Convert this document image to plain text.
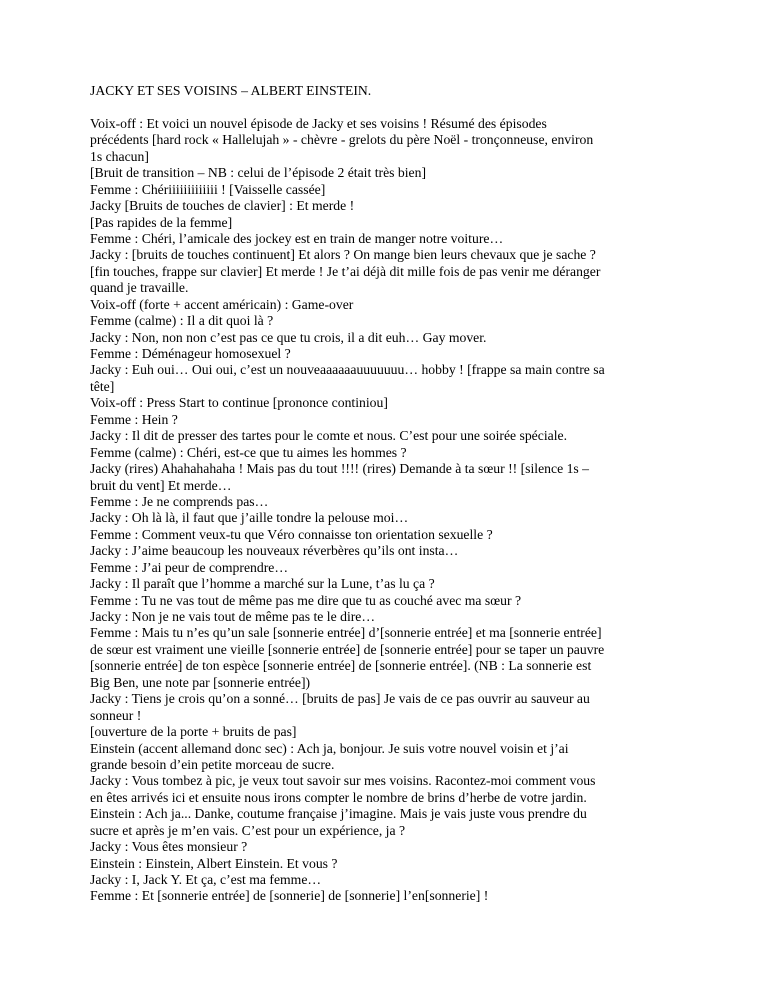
JACKY ET SES VOISINS – ALBERT EINSTEIN.
Voix-off : Et voici un nouvel épisode de Jacky et ses voisins ! Résumé des épisodes
précédents [hard rock « Hallelujah » - chèvre - grelots du père Noël - tronçonneuse, environ
1s chacun]
[Bruit de transition – NB : celui de l’épisode 2 était très bien]
Femme : Chériiiiiiiiiiiii ! [Vaisselle cassée]
Jacky [Bruits de touches de clavier] : Et merde !
[Pas rapides de la femme]
Femme : Chéri, l’amicale des jockey est en train de manger notre voiture…
Jacky : [bruits de touches continuent] Et alors ? On mange bien leurs chevaux que je sache ?
[fin touches, frappe sur clavier] Et merde ! Je t’ai déjà dit mille fois de pas venir me déranger
quand je travaille.
Voix-off (forte + accent américain) : Game-over
Femme (calme) : Il a dit quoi là ?
Jacky : Non, non non c’est pas ce que tu crois, il a dit euh… Gay mover.
Femme : Déménageur homosexuel ?
Jacky : Euh oui… Oui oui, c’est un nouveaaaaaauuuuuuu… hobby ! [frappe sa main contre sa
tête]
Voix-off : Press Start to continue [prononce continiou]
Femme : Hein ?
Jacky : Il dit de presser des tartes pour le comte et nous. C’est pour une soirée spéciale.
Femme (calme) : Chéri, est-ce que tu aimes les hommes ?
Jacky (rires) Ahahahahaha ! Mais pas du tout !!!! (rires) Demande à ta sœur !! [silence 1s –
bruit du vent] Et merde…
Femme : Je ne comprends pas…
Jacky : Oh là là, il faut que j’aille tondre la pelouse moi…
Femme : Comment veux-tu que Véro connaisse ton orientation sexuelle ?
Jacky : J’aime beaucoup les nouveaux réverbères qu’ils ont insta…
Femme : J’ai peur de comprendre…
Jacky : Il paraît que l’homme a marché sur la Lune, t’as lu ça ?
Femme : Tu ne vas tout de même pas me dire que tu as couché avec ma sœur ?
Jacky : Non je ne vais tout de même pas te le dire…
Femme : Mais tu n’es qu’un sale [sonnerie entrée] d’[sonnerie entrée] et ma [sonnerie entrée]
de sœur est vraiment une vieille [sonnerie entrée] de [sonnerie entrée] pour se taper un pauvre
[sonnerie entrée] de ton espèce [sonnerie entrée] de [sonnerie entrée]. (NB : La sonnerie est
Big Ben, une note par [sonnerie entrée])
Jacky : Tiens je crois qu’on a sonné… [bruits de pas] Je vais de ce pas ouvrir au sauveur au
sonneur !
[ouverture de la porte + bruits de pas]
Einstein (accent allemand donc sec) : Ach ja, bonjour. Je suis votre nouvel voisin et j’ai
grande besoin d’ein petite morceau de sucre.
Jacky : Vous tombez à pic, je veux tout savoir sur mes voisins. Racontez-moi comment vous
en êtes arrivés ici et ensuite nous irons compter le nombre de brins d’herbe de votre jardin.
Einstein : Ach ja... Danke, coutume française j’imagine. Mais je vais juste vous prendre du
sucre et après je m’en vais. C’est pour un expérience, ja ?
Jacky : Vous êtes monsieur ?
Einstein : Einstein, Albert Einstein. Et vous ?
Jacky : I, Jack Y. Et ça, c’est ma femme…
Femme : Et [sonnerie entrée] de [sonnerie] de [sonnerie] l’en[sonnerie] !
